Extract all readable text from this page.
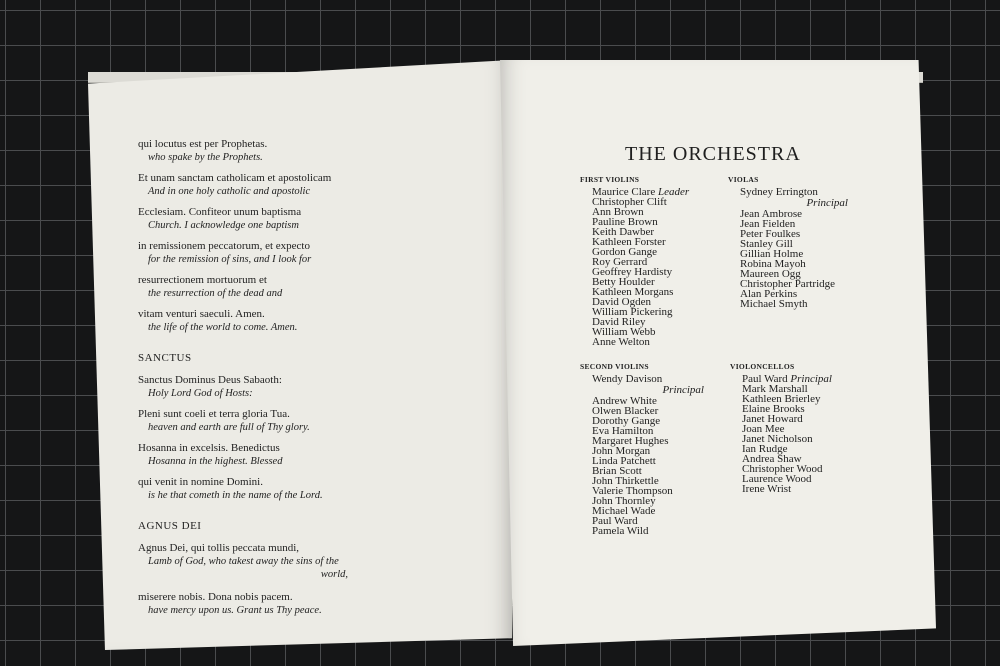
qui locutus est per Prophetas.
who spake by the Prophets.
Et unam sanctam catholicam et apostolicam
And in one holy catholic and apostolic
Ecclesiam. Confiteor unum baptisma
Church. I acknowledge one baptism
in remissionem peccatorum, et expecto
for the remission of sins, and I look for
resurrectionem mortuorum et
the resurrection of the dead and
vitam venturi saeculi. Amen.
the life of the world to come. Amen.
SANCTUS
Sanctus Dominus Deus Sabaoth:
Holy Lord God of Hosts:
Pleni sunt coeli et terra gloria Tua.
heaven and earth are full of Thy glory.
Hosanna in excelsis. Benedictus
Hosanna in the highest. Blessed
qui venit in nomine Domini.
is he that cometh in the name of the Lord.
AGNUS DEI
Agnus Dei, qui tollis peccata mundi,
Lamb of God, who takest away the sins of the
world,
miserere nobis. Dona nobis pacem.
have mercy upon us. Grant us Thy peace.
THE ORCHESTRA
FIRST VIOLINS
Maurice Clare Leader
Christopher Clift
Ann Brown
Pauline Brown
Keith Dawber
Kathleen Forster
Gordon Gange
Roy Gerrard
Geoffrey Hardisty
Betty Houlder
Kathleen Morgans
David Ogden
William Pickering
David Riley
William Webb
Anne Welton
VIOLAS
Sydney Errington
Principal
Jean Ambrose
Jean Fielden
Peter Foulkes
Stanley Gill
Gillian Holme
Robina Mayoh
Maureen Ogg
Christopher Partridge
Alan Perkins
Michael Smyth
SECOND VIOLINS
Wendy Davison
Principal
Andrew White
Olwen Blacker
Dorothy Gange
Eva Hamilton
Margaret Hughes
John Morgan
Linda Patchett
Brian Scott
John Thirkettle
Valerie Thompson
John Thornley
Michael Wade
Paul Ward
Pamela Wild
VIOLONCELLOS
Paul Ward Principal
Mark Marshall
Kathleen Brierley
Elaine Brooks
Janet Howard
Joan Mee
Janet Nicholson
Ian Rudge
Andrea Shaw
Christopher Wood
Laurence Wood
Irene Wrist
